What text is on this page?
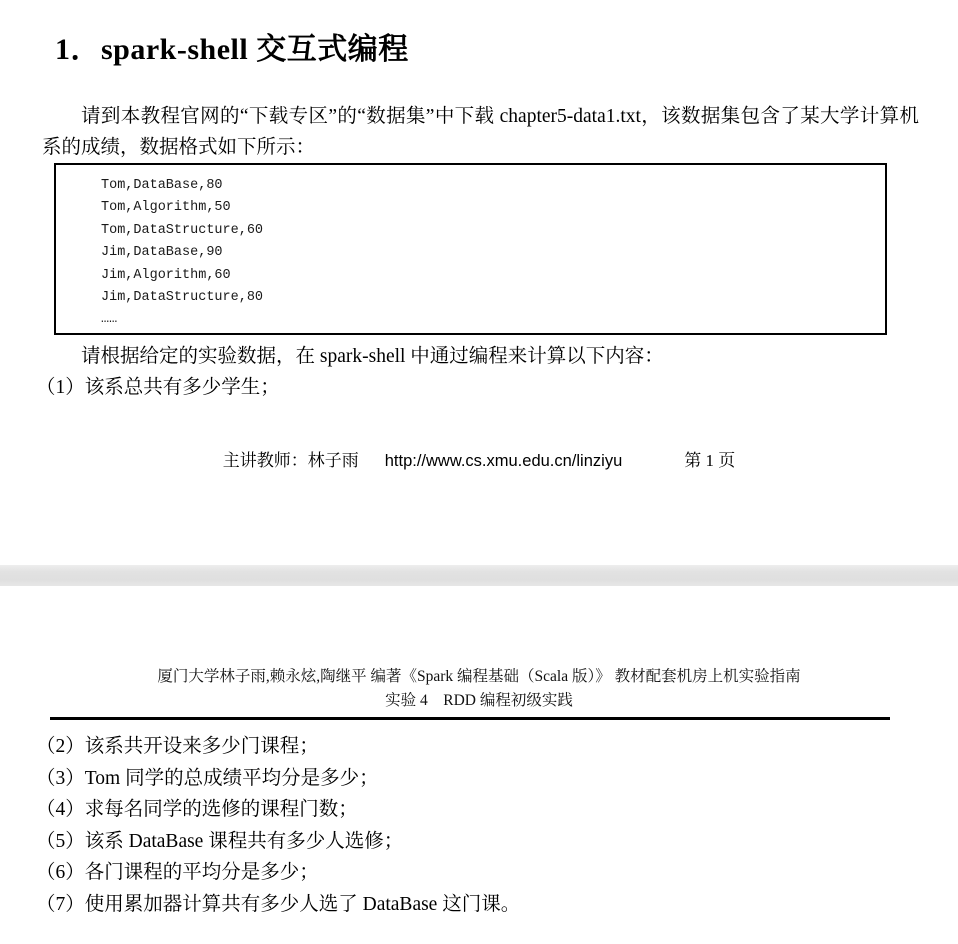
1．spark-shell 交互式编程
请到本教程官网的“下载专区”的“数据集”中下载 chapter5-data1.txt，该数据集包含了某大学计算机系的成绩，数据格式如下所示：
Tom,DataBase,80
Tom,Algorithm,50
Tom,DataStructure,60
Jim,DataBase,90
Jim,Algorithm,60
Jim,DataStructure,80
……
请根据给定的实验数据，在 spark-shell 中通过编程来计算以下内容：
（1）该系总共有多少学生；
主讲教师：林子雨 http://www.cs.xmu.edu.cn/linziyu	第 1 页
厦门大学林子雨,赖永炫,陶继平 编著《Spark 编程基础（Scala 版）》 教材配套机房上机实验指南
实验 4　RDD 编程初级实践
（2）该系共开设来多少门课程；
（3）Tom 同学的总成绩平均分是多少；
（4）求每名同学的选修的课程门数；
（5）该系 DataBase 课程共有多少人选修；
（6）各门课程的平均分是多少；
（7）使用累加器计算共有多少人选了 DataBase 这门课。
